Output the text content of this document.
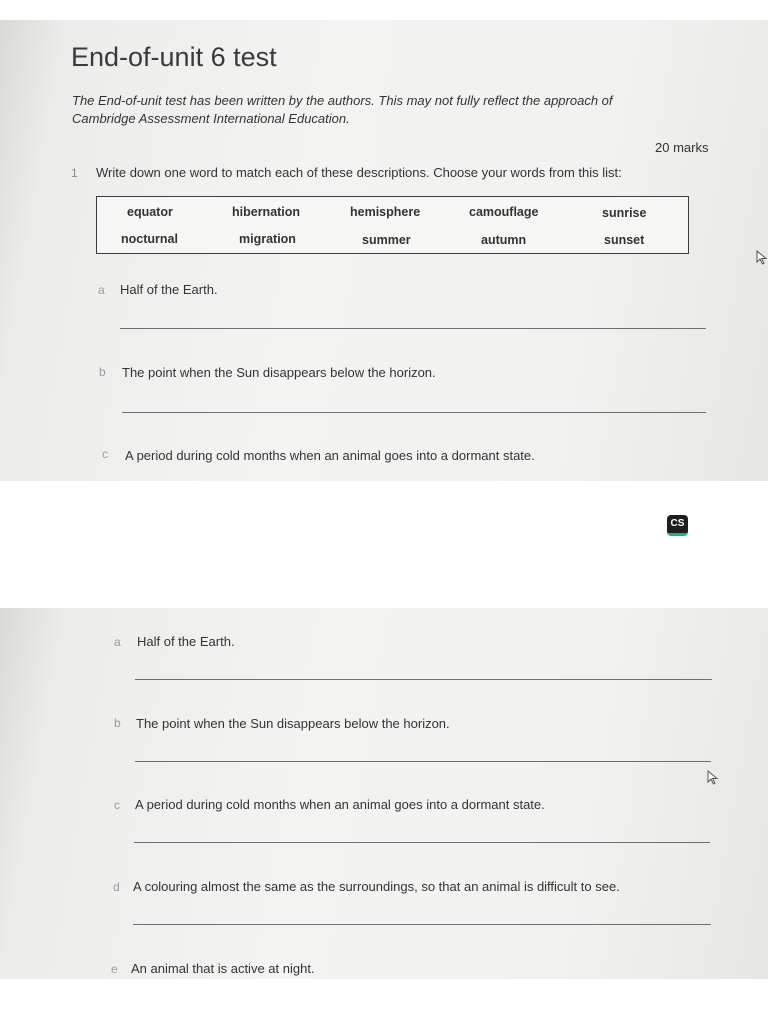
End-of-unit 6 test
The End-of-unit test has been written by the authors. This may not fully reflect the approach of Cambridge Assessment International Education.
20 marks
1 Write down one word to match each of these descriptions. Choose your words from this list:
equator	hibernation	hemisphere	camouflage	sunrise
nocturnal	migration	summer	autumn	sunset
a Half of the Earth.
b The point when the Sun disappears below the horizon.
c A period during cold months when an animal goes into a dormant state.
CS
a Half of the Earth.
b The point when the Sun disappears below the horizon.
c A period during cold months when an animal goes into a dormant state.
d A colouring almost the same as the surroundings, so that an animal is difficult to see.
e An animal that is active at night.
